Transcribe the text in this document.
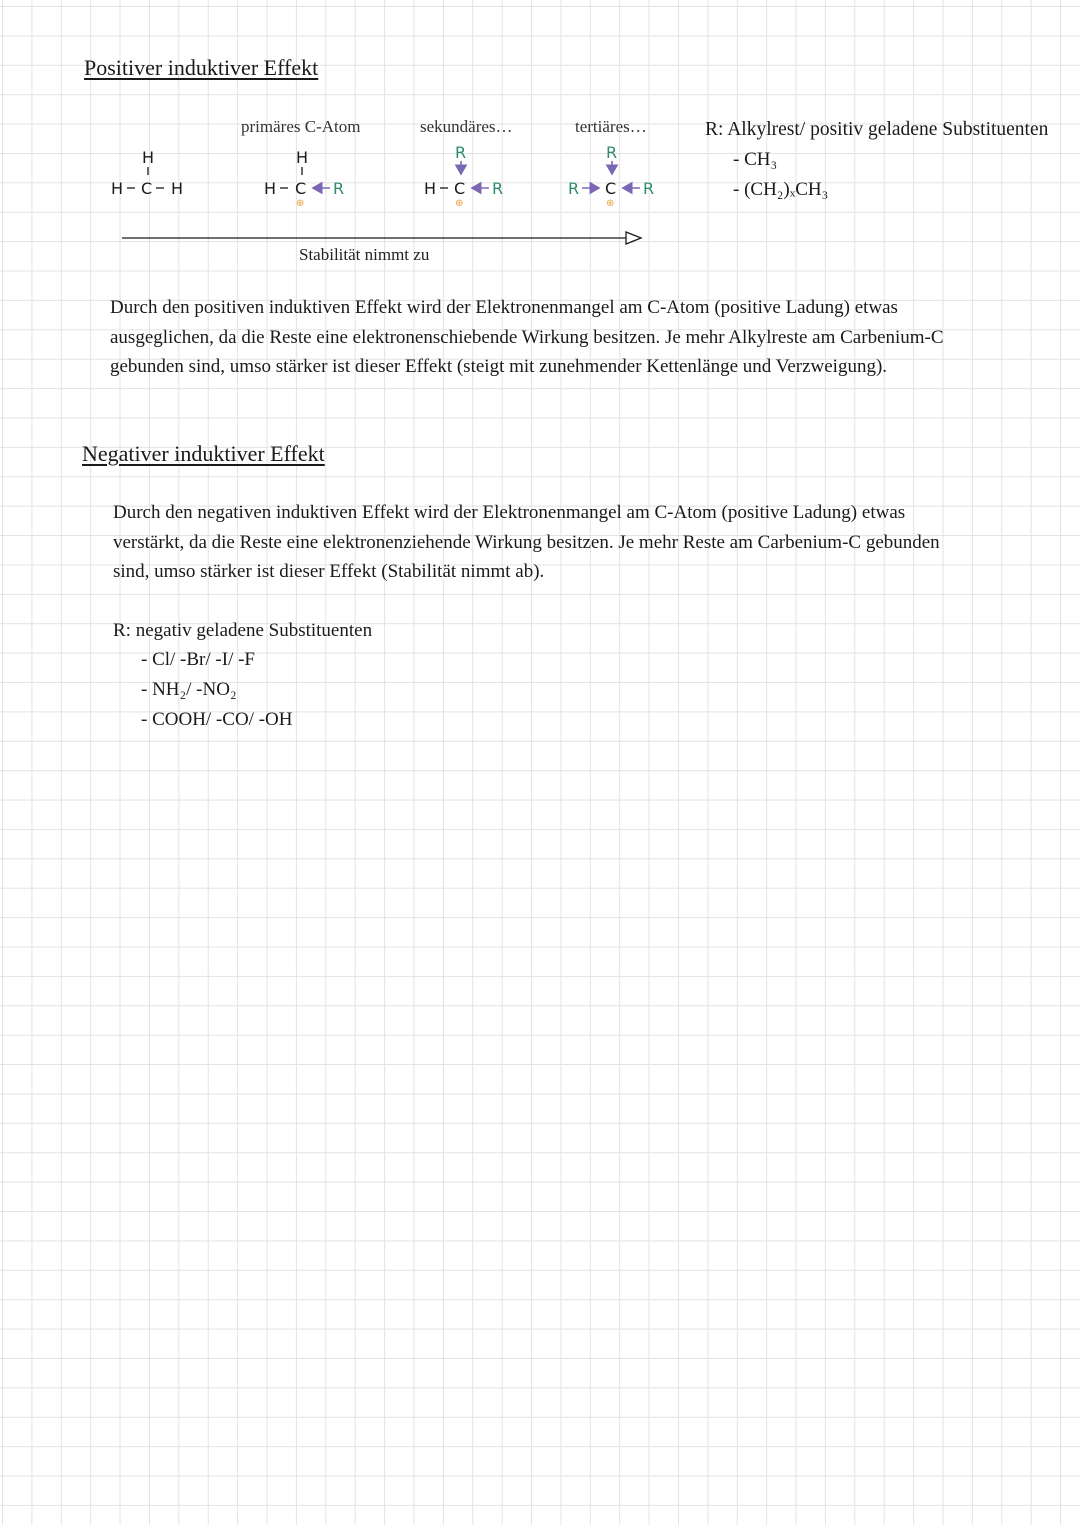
Positiver induktiver Effekt
primäres C-Atom	sekundäres…	tertiäres…
H
H C H
H
H C R
⊕
R
H C R
⊕
R
R C R
⊕
Stabilität nimmt zu
R: Alkylrest/ positiv geladene Substituenten
- CH₃
- (CH₂)ₓCH₃

Durch den positiven induktiven Effekt wird der Elektronenmangel am C-Atom (positive Ladung) etwas

ausgeglichen, da die Reste eine elektronenschiebende Wirkung besitzen. Je mehr Alkylreste am Carbenium-C

gebunden sind, umso stärker ist dieser Effekt (steigt mit zunehmender Kettenlänge und Verzweigung).

Negativer induktiver Effekt

Durch den negativen induktiven Effekt wird der Elektronenmangel am C-Atom (positive Ladung) etwas

verstärkt, da die Reste eine elektronenziehende Wirkung besitzen. Je mehr Reste am Carbenium-C gebunden

sind, umso stärker ist dieser Effekt (Stabilität nimmt ab).

R: negativ geladene Substituenten
- Cl/ -Br/ -I/ -F
- NH₂/ -NO₂
- COOH/ -CO/ -OH
